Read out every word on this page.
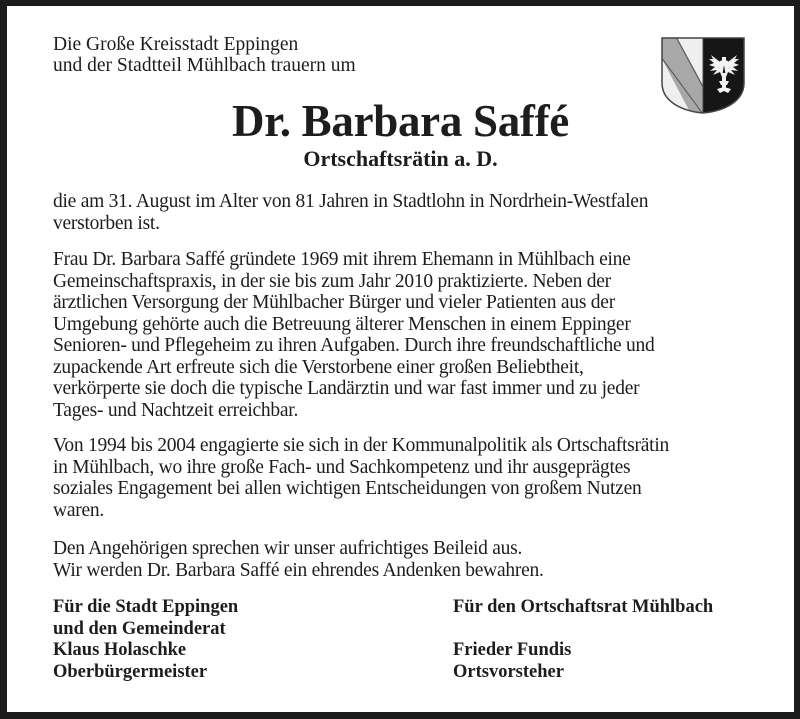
Die Große Kreisstadt Eppingen
und der Stadtteil Mühlbach trauern um
Dr. Barbara Saffé
Ortschaftsrätin a. D.
die am 31. August im Alter von 81 Jahren in Stadtlohn in Nordrhein-Westfalen
verstorben ist.
Frau Dr. Barbara Saffé gründete 1969 mit ihrem Ehemann in Mühlbach eine
Gemeinschaftspraxis, in der sie bis zum Jahr 2010 praktizierte. Neben der
ärztlichen Versorgung der Mühlbacher Bürger und vieler Patienten aus der
Umgebung gehörte auch die Betreuung älterer Menschen in einem Eppinger
Senioren- und Pflegeheim zu ihren Aufgaben. Durch ihre freundschaftliche und
zupackende Art erfreute sich die Verstorbene einer großen Beliebtheit,
verkörperte sie doch die typische Landärztin und war fast immer und zu jeder
Tages- und Nachtzeit erreichbar.
Von 1994 bis 2004 engagierte sie sich in der Kommunalpolitik als Ortschaftsrätin
in Mühlbach, wo ihre große Fach- und Sachkompetenz und ihr ausgeprägtes
soziales Engagement bei allen wichtigen Entscheidungen von großem Nutzen
waren.
Den Angehörigen sprechen wir unser aufrichtiges Beileid aus.
Wir werden Dr. Barbara Saffé ein ehrendes Andenken bewahren.
Für die Stadt Eppingen
und den Gemeinderat
Klaus Holaschke
Oberbürgermeister
Für den Ortschaftsrat Mühlbach
Frieder Fundis
Ortsvorsteher
